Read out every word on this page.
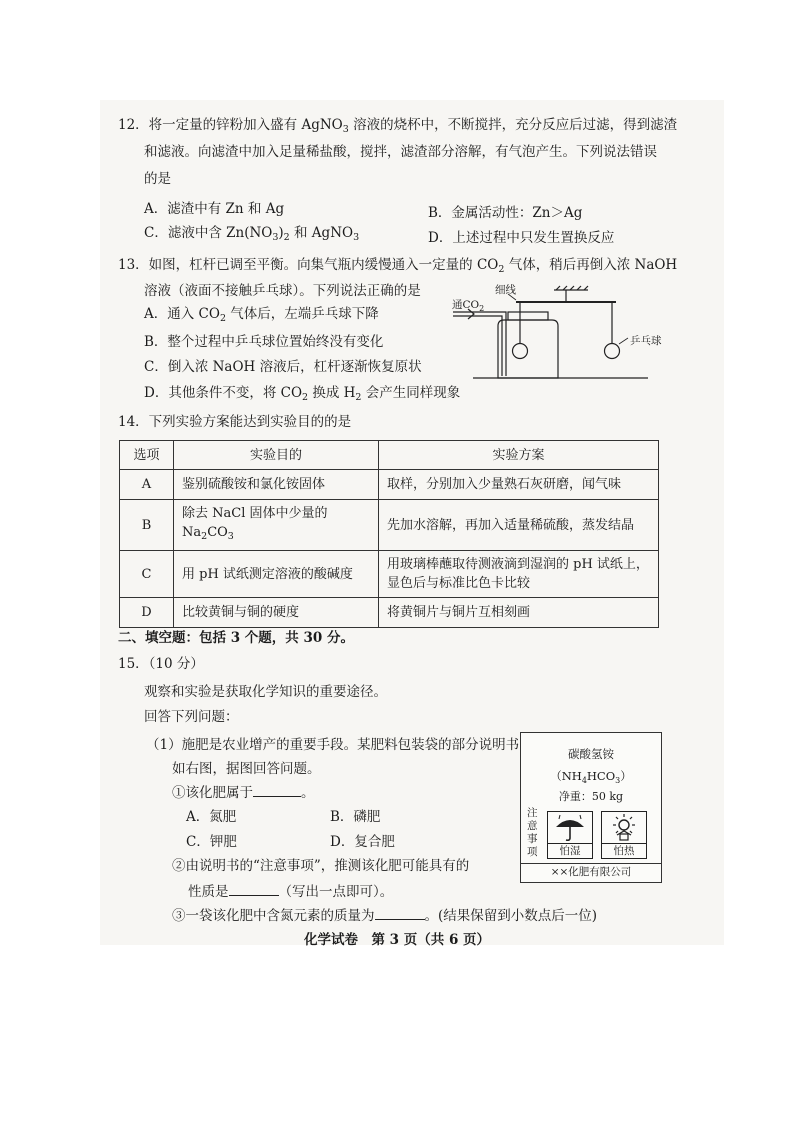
12．将一定量的锌粉加入盛有 AgNO$_3$ 溶液的烧杯中，不断搅拌，充分反应后过滤，得到滤渣
和滤液。向滤渣中加入足量稀盐酸，搅拌，滤渣部分溶解，有气泡产生。下列说法错误
的是
A．滤渣中有 Zn 和 Ag	B．金属活动性：Zn＞Ag
C．滤液中含 $Zn(NO_3)_2$ 和 AgNO$_3$	D．上述过程中只发生置换反应
13．如图，杠杆已调至平衡。向集气瓶内缓慢通入一定量的 $CO_2$ 气体，稍后再倒入浓 NaOH
溶液（液面不接触乒乓球）。下列说法正确的是
A．通入 $CO_2$ 气体后，左端乒乓球下降
B．整个过程中乒乓球位置始终没有变化
C．倒入浓 NaOH 溶液后，杠杆逐渐恢复原状
D．其他条件不变，将 $CO_2$ 换成 $H_2$ 会产生同样现象
细线
通$CO_2$
乒乓球
14．下列实验方案能达到实验目的的是
选项	实验目的	实验方案
A	鉴别硫酸铵和氯化铵固体	取样，分别加入少量熟石灰研磨，闻气味
B	除去 NaCl 固体中少量的 $Na_2CO_3$	先加水溶解，再加入适量稀硫酸，蒸发结晶
C	用 pH 试纸测定溶液的酸碱度	用玻璃棒蘸取待测液滴到湿润的 pH 试纸上，
显色后与标准比色卡比较

D	比较黄铜与铜的硬度	将黄铜片与铜片互相刻画
二、填空题：包括 3 个题，共 30 分。
15．（10 分）
观察和实验是获取化学知识的重要途径。
回答下列问题：
（1）施肥是农业增产的重要手段。某肥料包装袋的部分说明书
如右图，据图回答问题。
①该化肥属于	。
A．氮肥	B．磷肥
C．钾肥	D．复合肥
②由说明书的“注意事项”，推测该化肥可能具有的
性质是	（写出一点即可）。
③一袋该化肥中含氮元素的质量为	。(结果保留到小数点后一位)
碳酸氢铵
$(NH_4HCO_3)$
净重：50 kg
注
意
事
项	怕湿	怕热
××化肥有限公司
化学试卷　第 3 页（共 6 页）
